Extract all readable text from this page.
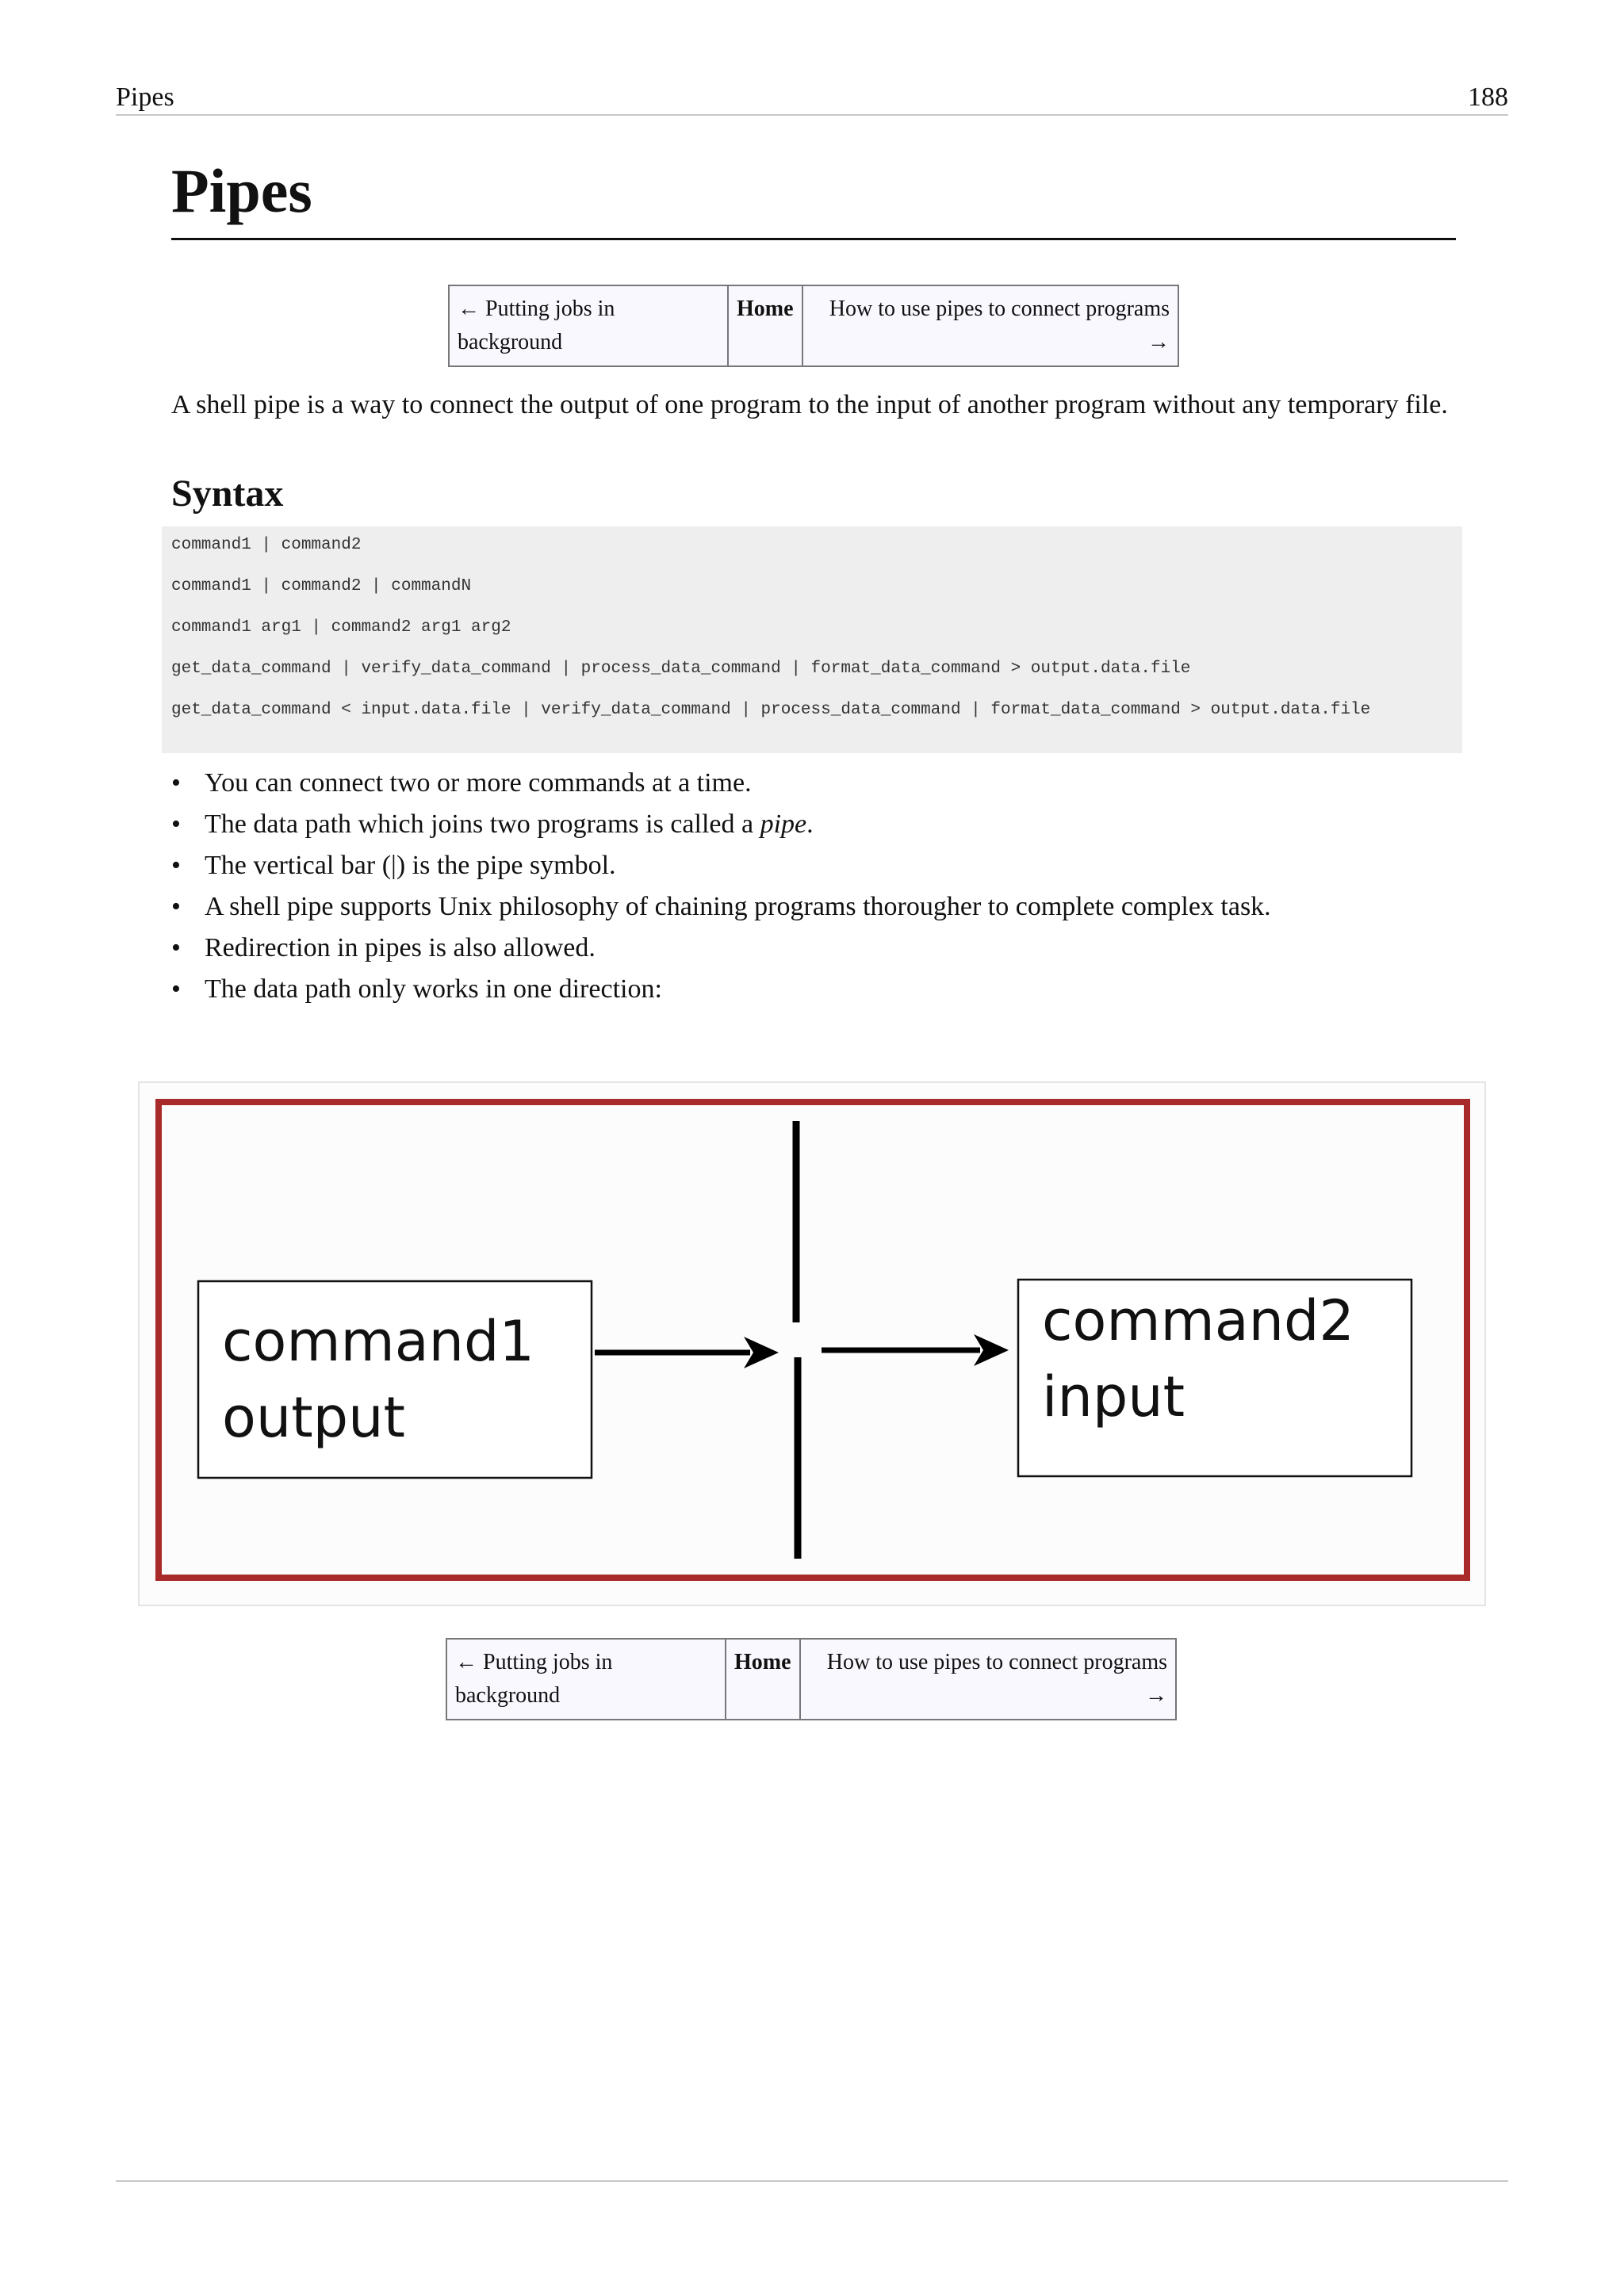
Pipes	188
Pipes
← Putting jobs in background	Home	How to use pipes to connect programs →

A shell pipe is a way to connect the output of one program to the input of another program without any temporary file.

Syntax
command1 | command2
command1 | command2 | commandN
command1 arg1 | command2 arg1 arg2
get_data_command | verify_data_command | process_data_command | format_data_command > output.data.file
get_data_command < input.data.file | verify_data_command | process_data_command | format_data_command > output.data.file
• You can connect two or more commands at a time.
• The data path which joins two programs is called a pipe.
• The vertical bar (|) is the pipe symbol.
• A shell pipe supports Unix philosophy of chaining programs thorougher to complete complex task.
• Redirection in pipes is also allowed.
• The data path only works in one direction:
command1
output
command2
input
← Putting jobs in background	Home	How to use pipes to connect programs →
